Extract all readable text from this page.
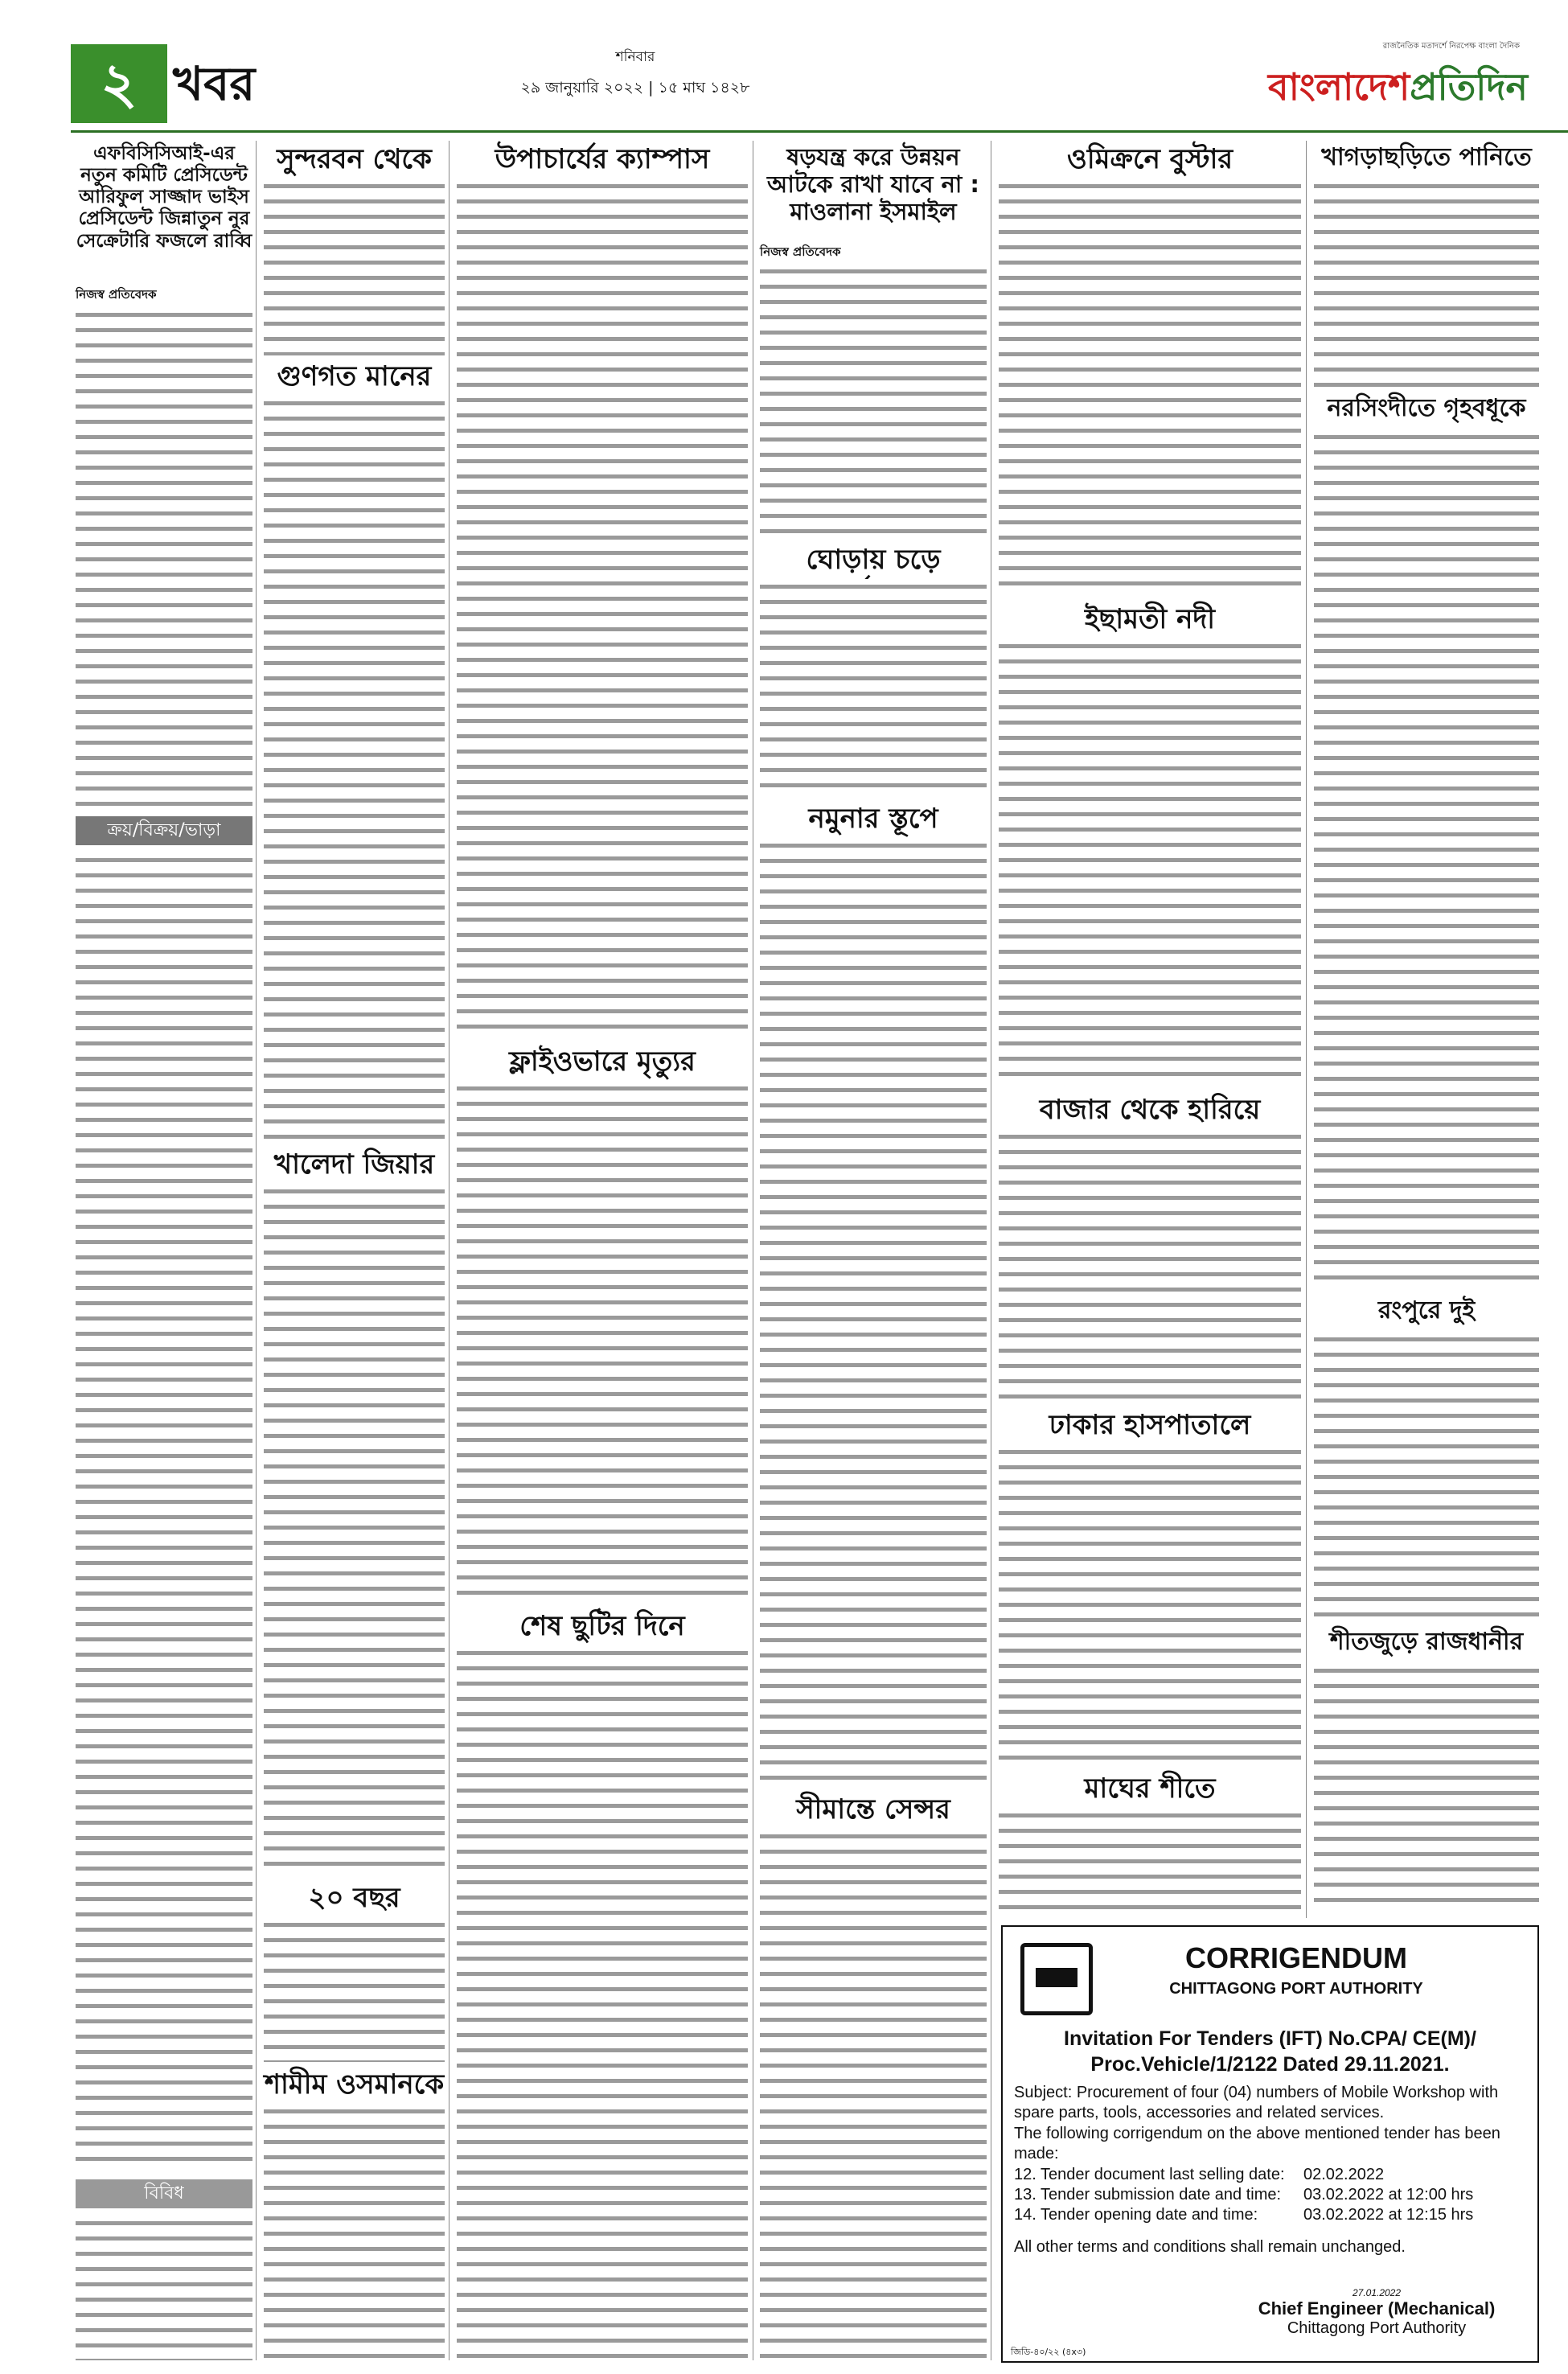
২ খবর	শনিবার
২৯ জানুয়ারি ২০২২ | ১৫ মাঘ ১৪২৮
রাজনৈতিক মতাদর্শে নিরপেক্ষ বাংলা দৈনিক
বাংলাদেশপ্রতিদিন
এফবিসিসিআই-এর নতুন কমিটি প্রেসিডেন্ট আরিফুল সাজ্জাদ ভাইস প্রেসিডেন্ট জিন্নাতুন নুর সেক্রেটারি ফজলে রাব্বি
নিজস্ব প্রতিবেদক
ক্রয়/বিক্রয়/ভাড়া
বিবিধ
সুন্দরবন থেকে
গুণগত মানের
খালেদা জিয়ার
২০ বছর
শামীম ওসমানকে
উপাচার্যের ক্যাম্পাস
ফ্লাইওভারে মৃত্যুর
শেষ ছুটির দিনে
ষড়যন্ত্র করে উন্নয়ন আটকে রাখা যাবে না : মাওলানা ইসমাইল
নিজস্ব প্রতিবেদক
ঘোড়ায় চড়ে
নমুনার স্তূপে
সীমান্তে সেন্সর
ওমিক্রনে বুস্টার
ইছামতী নদী
বাজার থেকে হারিয়ে
ঢাকার হাসপাতালে
মাঘের শীতে
খাগড়াছড়িতে পানিতে
নরসিংদীতে গৃহবধূকে
রংপুরে দুই
শীতজুড়ে রাজধানীর
CORRIGENDUM
CHITTAGONG PORT AUTHORITY
Invitation For Tenders (IFT) No.CPA/ CE(M)/
Proc.Vehicle/1/2122 Dated 29.11.2021.
Subject: Procurement of four (04) numbers of Mobile Workshop with spare parts, tools, accessories and related services.
The following corrigendum on the above mentioned tender has been made:
12. Tender document last selling date:	02.02.2022
13. Tender submission date and time:	03.02.2022 at 12:00 hrs
14. Tender opening date and time:	03.02.2022 at 12:15 hrs
All other terms and conditions shall remain unchanged.
27.01.2022
Chief Engineer (Mechanical)
Chittagong Port Authority
জিডি-৪০/২২ (৪x৩)
